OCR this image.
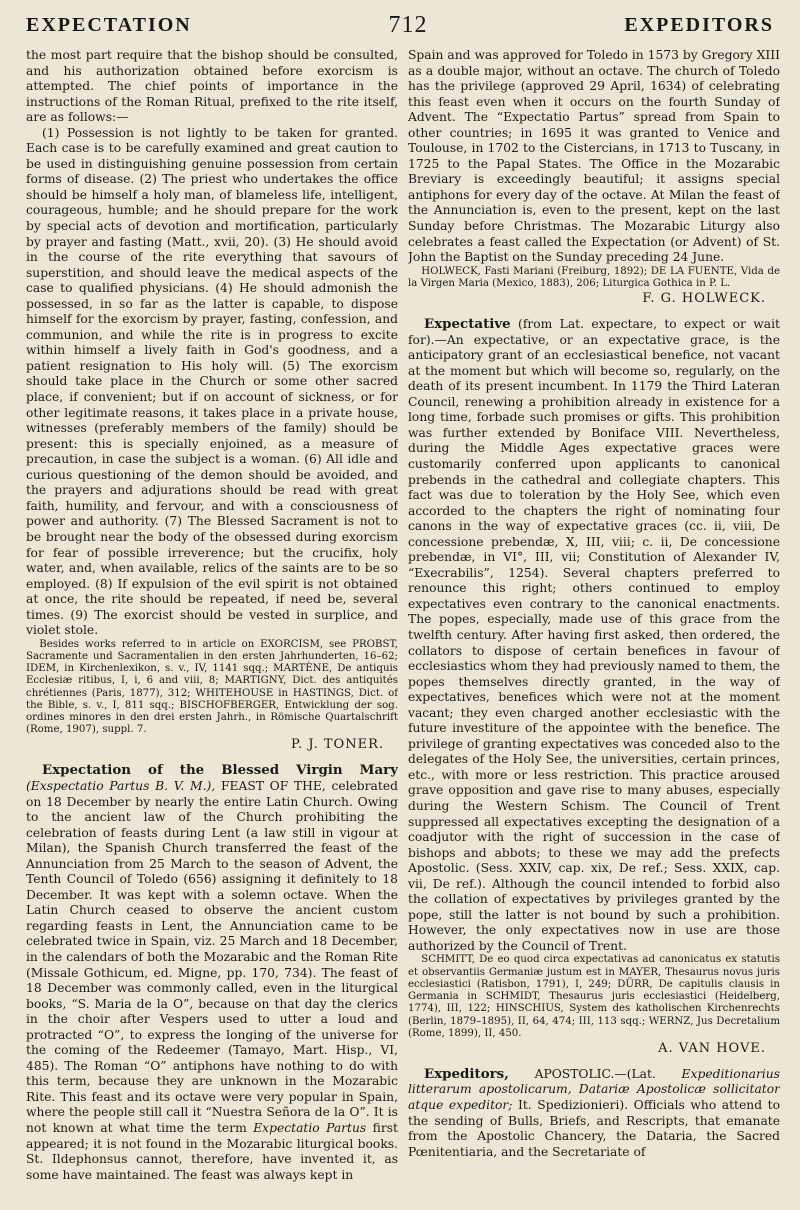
EXPECTATION	712	EXPEDITORS

the most part require that the bishop should be consulted, and his authorization obtained before exorcism is attempted. The chief points of importance in the instructions of the Roman Ritual, prefixed to the rite itself, are as follows:—

(1) Possession is not lightly to be taken for granted. Each case is to be carefully examined and great caution to be used in distinguishing genuine possession from certain forms of disease. (2) The priest who undertakes the office should be himself a holy man, of blameless life, intelligent, courageous, humble; and he should prepare for the work by special acts of devotion and mortification, particularly by prayer and fasting (Matt., xvii, 20). (3) He should avoid in the course of the rite everything that savours of superstition, and should leave the medical aspects of the case to qualified physicians. (4) He should admonish the possessed, in so far as the latter is capable, to dispose himself for the exorcism by prayer, fasting, confession, and communion, and while the rite is in progress to excite within himself a lively faith in God's goodness, and a patient resignation to His holy will. (5) The exorcism should take place in the Church or some other sacred place, if convenient; but if on account of sickness, or for other legitimate reasons, it takes place in a private house, witnesses (preferably members of the family) should be present: this is specially enjoined, as a measure of precaution, in case the subject is a woman. (6) All idle and curious questioning of the demon should be avoided, and the prayers and adjurations should be read with great faith, humility, and fervour, and with a consciousness of power and authority. (7) The Blessed Sacrament is not to be brought near the body of the obsessed during exorcism for fear of possible irreverence; but the crucifix, holy water, and, when available, relics of the saints are to be so employed. (8) If expulsion of the evil spirit is not obtained at once, the rite should be repeated, if need be, several times. (9) The exorcist should be vested in surplice, and violet stole.

Besides works referred to in article on EXORCISM, see PROBST, Sacramente und Sacramentalien in den ersten Jahrhunderten, 16–62; IDEM, in Kirchenlexikon, s. v., IV, 1141 sqq.; MARTÈNE, De antiquis Ecclesiæ ritibus, I, i, 6 and viii, 8; MARTIGNY, Dict. des antiquités chrétiennes (Paris, 1877), 312; WHITEHOUSE in HASTINGS, Dict. of the Bible, s. v., I, 811 sqq.; BISCHOFBERGER, Entwicklung der sog. ordines minores in den drei ersten Jahrh., in Römische Quartalschrift (Rome, 1907), suppl. 7.

P. J. TONER.

Expectation of the Blessed Virgin Mary (Exspectatio Partus B. V. M.), FEAST OF THE, celebrated on 18 December by nearly the entire Latin Church. Owing to the ancient law of the Church prohibiting the celebration of feasts during Lent (a law still in vigour at Milan), the Spanish Church transferred the feast of the Annunciation from 25 March to the season of Advent, the Tenth Council of Toledo (656) assigning it definitely to 18 December. It was kept with a solemn octave. When the Latin Church ceased to observe the ancient custom regarding feasts in Lent, the Annunciation came to be celebrated twice in Spain, viz. 25 March and 18 December, in the calendars of both the Mozarabic and the Roman Rite (Missale Gothicum, ed. Migne, pp. 170, 734). The feast of 18 December was commonly called, even in the liturgical books, “S. Maria de la O”, because on that day the clerics in the choir after Vespers used to utter a loud and protracted “O”, to express the longing of the universe for the coming of the Redeemer (Tamayo, Mart. Hisp., VI, 485). The Roman “O” antiphons have nothing to do with this term, because they are unknown in the Mozarabic Rite. This feast and its octave were very popular in Spain, where the people still call it “Nuestra Señora de la O”. It is not known at what time the term Expectatio Partus first appeared; it is not found in the Mozarabic liturgical books. St. Ildephonsus cannot, therefore, have invented it, as some have maintained. The feast was always kept in

Spain and was approved for Toledo in 1573 by Gregory XIII as a double major, without an octave. The church of Toledo has the privilege (approved 29 April, 1634) of celebrating this feast even when it occurs on the fourth Sunday of Advent. The “Expectatio Partus” spread from Spain to other countries; in 1695 it was granted to Venice and Toulouse, in 1702 to the Cistercians, in 1713 to Tuscany, in 1725 to the Papal States. The Office in the Mozarabic Breviary is exceedingly beautiful; it assigns special antiphons for every day of the octave. At Milan the feast of the Annunciation is, even to the present, kept on the last Sunday before Christmas. The Mozarabic Liturgy also celebrates a feast called the Expectation (or Advent) of St. John the Baptist on the Sunday preceding 24 June.

HOLWECK, Fasti Mariani (Freiburg, 1892); DE LA FUENTE, Vida de la Virgen Maria (Mexico, 1883), 206; Liturgica Gothica in P. L.

F. G. HOLWECK.

Expectative (from Lat. expectare, to expect or wait for).—An expectative, or an expectative grace, is the anticipatory grant of an ecclesiastical benefice, not vacant at the moment but which will become so, regularly, on the death of its present incumbent. In 1179 the Third Lateran Council, renewing a prohibition already in existence for a long time, forbade such promises or gifts. This prohibition was further extended by Boniface VIII. Nevertheless, during the Middle Ages expectative graces were customarily conferred upon applicants to canonical prebends in the cathedral and collegiate chapters. This fact was due to toleration by the Holy See, which even accorded to the chapters the right of nominating four canons in the way of expectative graces (cc. ii, viii, De concessione prebendæ, X, III, viii; c. ii, De concessione prebendæ, in VI°, III, vii; Constitution of Alexander IV, “Execrabilis”, 1254). Several chapters preferred to renounce this right; others continued to employ expectatives even contrary to the canonical enactments. The popes, especially, made use of this grace from the twelfth century. After having first asked, then ordered, the collators to dispose of certain benefices in favour of ecclesiastics whom they had previously named to them, the popes themselves directly granted, in the way of expectatives, benefices which were not at the moment vacant; they even charged another ecclesiastic with the future investiture of the appointee with the benefice. The privilege of granting expectatives was conceded also to the delegates of the Holy See, the universities, certain princes, etc., with more or less restriction. This practice aroused grave opposition and gave rise to many abuses, especially during the Western Schism. The Council of Trent suppressed all expectatives excepting the designation of a coadjutor with the right of succession in the case of bishops and abbots; to these we may add the prefects Apostolic. (Sess. XXIV, cap. xix, De ref.; Sess. XXIX, cap. vii, De ref.). Although the council intended to forbid also the collation of expectatives by privileges granted by the pope, still the latter is not bound by such a prohibition. However, the only expectatives now in use are those authorized by the Council of Trent.

SCHMITT, De eo quod circa expectativas ad canonicatus ex statutis et observantiis Germaniæ justum est in MAYER, Thesaurus novus juris ecclesiastici (Ratisbon, 1791), I, 249; DÜRR, De capitulis clausis in Germania in SCHMIDT, Thesaurus juris ecclesiastici (Heidelberg, 1774), III, 122; HINSCHIUS, System des katholischen Kirchenrechts (Berlin, 1879–1895), II, 64, 474; III, 113 sqq.; WERNZ, Jus Decretalium (Rome, 1899), II, 450.

A. VAN HOVE.

Expeditors, APOSTOLIC.—(Lat. Expeditionarius litterarum apostolicarum, Datariæ Apostolicæ sollicitator atque expeditor; It. Spedizionieri). Officials who attend to the sending of Bulls, Briefs, and Rescripts, that emanate from the Apostolic Chancery, the Dataria, the Sacred Pœnitentiaria, and the Secretariate of
